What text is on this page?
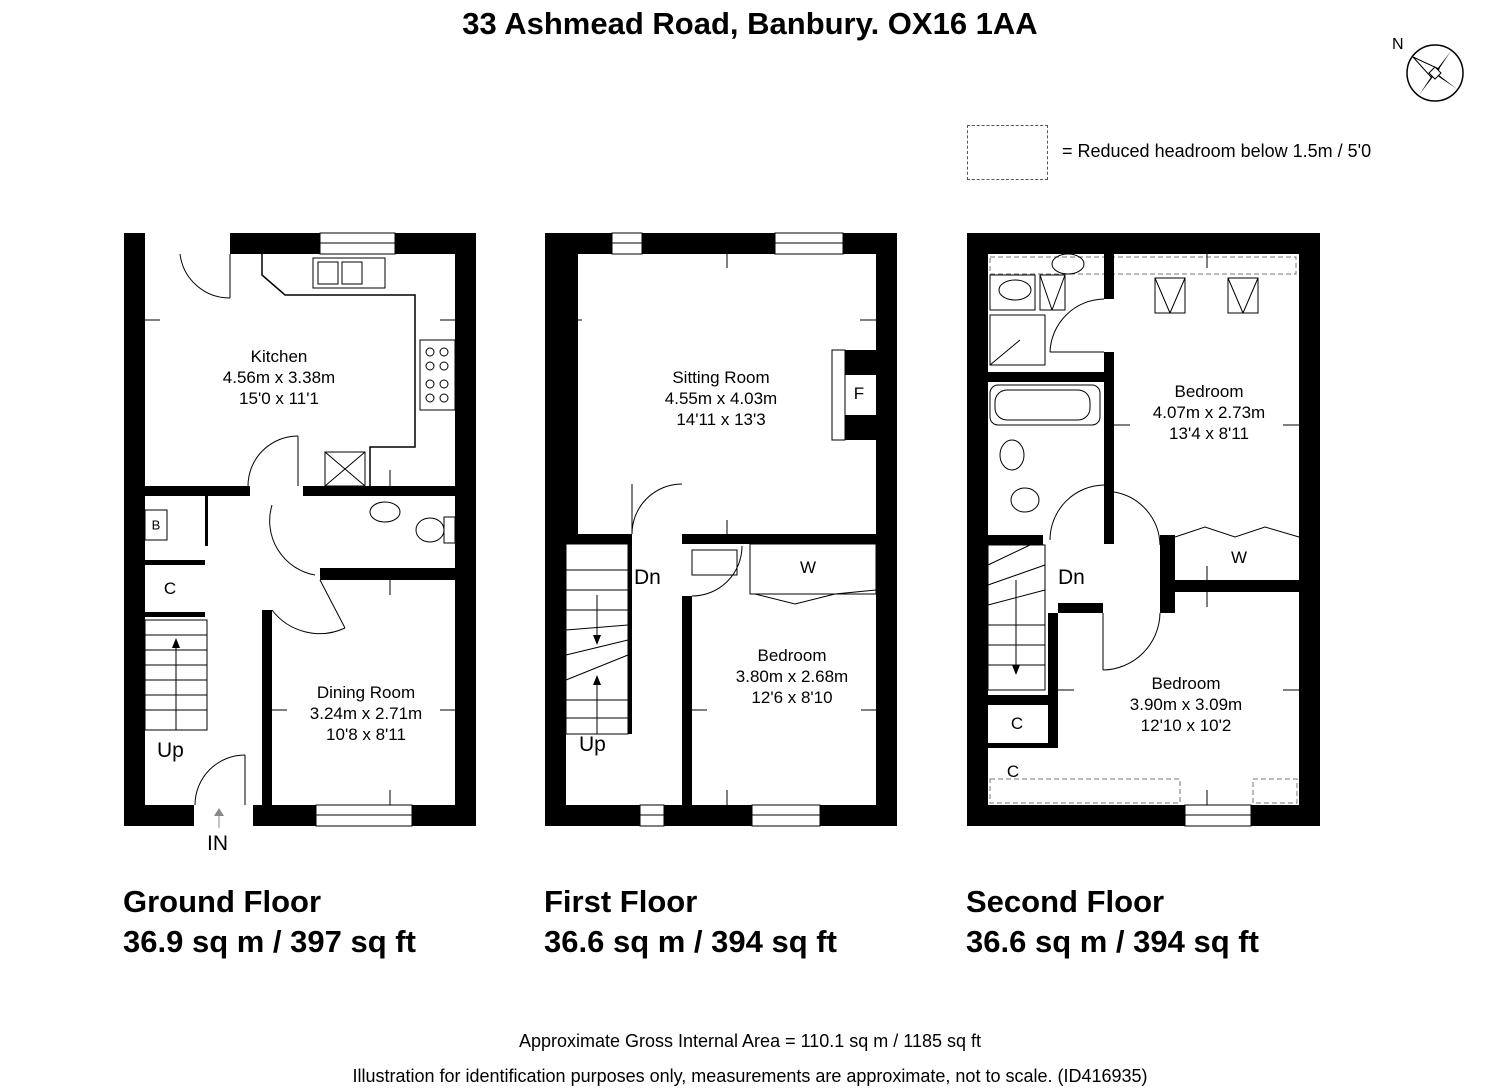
33 Ashmead Road, Banbury. OX16 1AA
N
= Reduced headroom below 1.5m / 5'0
Kitchen
4.56m x 3.38m
15'0 x 11'1
Dining Room
3.24m x 2.71m
10'8 x 8'11
B
C
Up
IN
Ground Floor
36.9 sq m / 397 sq ft
Sitting Room
4.55m x 4.03m
14'11 x 13'3
Bedroom
3.80m x 2.68m
12'6 x 8'10
F
W
Dn
Up
First Floor
36.6 sq m / 394 sq ft
Bedroom
4.07m x 2.73m
13'4 x 8'11
Bedroom
3.90m x 3.09m
12'10 x 10'2
W
C
C
Dn
Second Floor
36.6 sq m / 394 sq ft
Approximate Gross Internal Area = 110.1 sq m / 1185 sq ft
Illustration for identification purposes only, measurements are approximate, not to scale. (ID416935)
